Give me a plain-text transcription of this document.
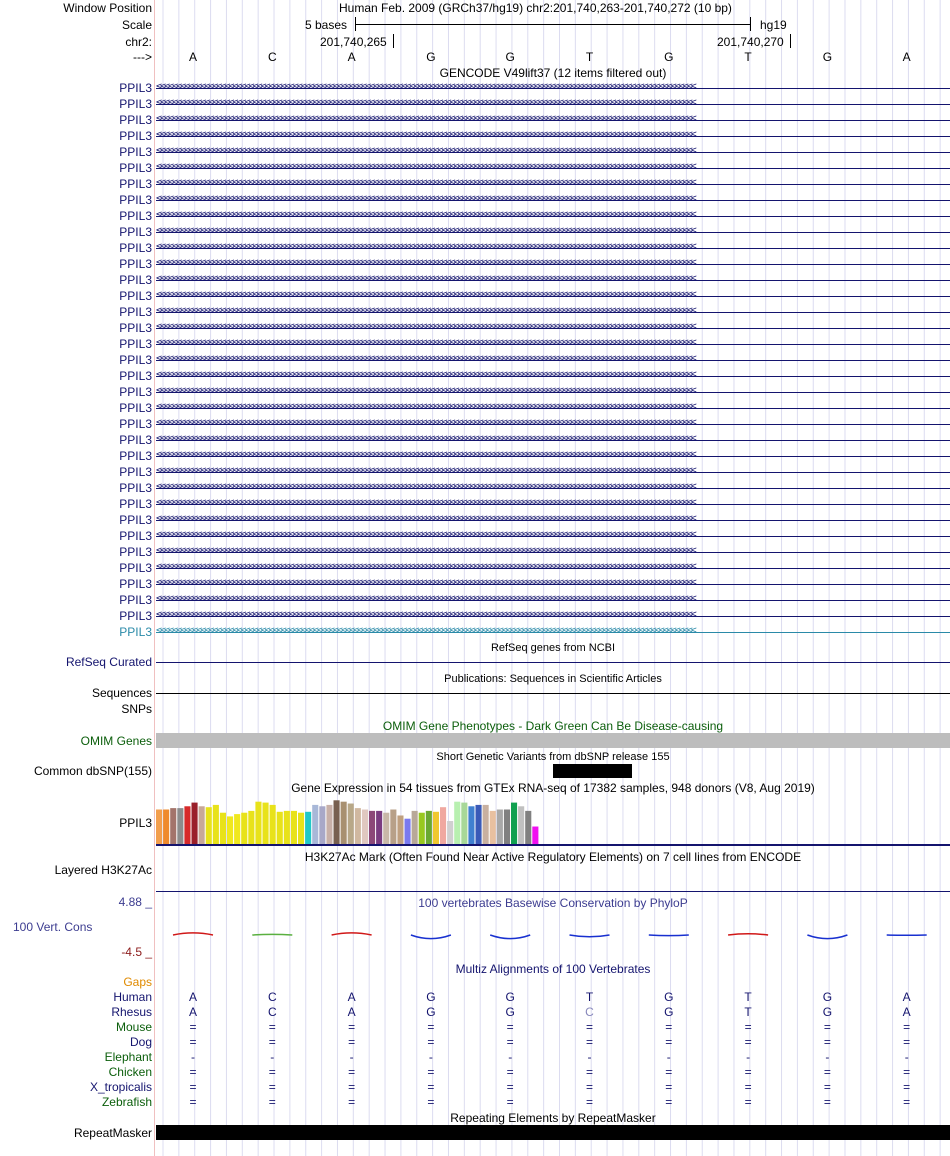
Window Position	Human Feb. 2009 (GRCh37/hg19) chr2:201,740,263-201,740,272 (10 bp)
Scale	5 bases	hg19
chr2:	201,740,265	201,740,270
--->	A	C	A	G	G	T	G	T	G	A
GENCODE V49lift37 (12 items filtered out)
PPIL3 <<<<<<<<<<<<<<<<<<<<<<<<<<<<<<<<<<<<<<<<<<<<<<<<<<<<<<<<<<<<<<<<<<<<<<<<<<<<<<<<<<<<<<<<<<<<<<<<<<<<<<<<<<<<<<<<<<<<<<<<<<<<<<<<<<<<<<
PPIL3 <<<<<<<<<<<<<<<<<<<<<<<<<<<<<<<<<<<<<<<<<<<<<<<<<<<<<<<<<<<<<<<<<<<<<<<<<<<<<<<<<<<<<<<<<<<<<<<<<<<<<<<<<<<<<<<<<<<<<<<<<<<<<<<<<<<<<<
PPIL3 <<<<<<<<<<<<<<<<<<<<<<<<<<<<<<<<<<<<<<<<<<<<<<<<<<<<<<<<<<<<<<<<<<<<<<<<<<<<<<<<<<<<<<<<<<<<<<<<<<<<<<<<<<<<<<<<<<<<<<<<<<<<<<<<<<<<<<
PPIL3 <<<<<<<<<<<<<<<<<<<<<<<<<<<<<<<<<<<<<<<<<<<<<<<<<<<<<<<<<<<<<<<<<<<<<<<<<<<<<<<<<<<<<<<<<<<<<<<<<<<<<<<<<<<<<<<<<<<<<<<<<<<<<<<<<<<<<<
PPIL3 <<<<<<<<<<<<<<<<<<<<<<<<<<<<<<<<<<<<<<<<<<<<<<<<<<<<<<<<<<<<<<<<<<<<<<<<<<<<<<<<<<<<<<<<<<<<<<<<<<<<<<<<<<<<<<<<<<<<<<<<<<<<<<<<<<<<<<
PPIL3 <<<<<<<<<<<<<<<<<<<<<<<<<<<<<<<<<<<<<<<<<<<<<<<<<<<<<<<<<<<<<<<<<<<<<<<<<<<<<<<<<<<<<<<<<<<<<<<<<<<<<<<<<<<<<<<<<<<<<<<<<<<<<<<<<<<<<<
PPIL3 <<<<<<<<<<<<<<<<<<<<<<<<<<<<<<<<<<<<<<<<<<<<<<<<<<<<<<<<<<<<<<<<<<<<<<<<<<<<<<<<<<<<<<<<<<<<<<<<<<<<<<<<<<<<<<<<<<<<<<<<<<<<<<<<<<<<<<
PPIL3 <<<<<<<<<<<<<<<<<<<<<<<<<<<<<<<<<<<<<<<<<<<<<<<<<<<<<<<<<<<<<<<<<<<<<<<<<<<<<<<<<<<<<<<<<<<<<<<<<<<<<<<<<<<<<<<<<<<<<<<<<<<<<<<<<<<<<<
PPIL3 <<<<<<<<<<<<<<<<<<<<<<<<<<<<<<<<<<<<<<<<<<<<<<<<<<<<<<<<<<<<<<<<<<<<<<<<<<<<<<<<<<<<<<<<<<<<<<<<<<<<<<<<<<<<<<<<<<<<<<<<<<<<<<<<<<<<<<
PPIL3 <<<<<<<<<<<<<<<<<<<<<<<<<<<<<<<<<<<<<<<<<<<<<<<<<<<<<<<<<<<<<<<<<<<<<<<<<<<<<<<<<<<<<<<<<<<<<<<<<<<<<<<<<<<<<<<<<<<<<<<<<<<<<<<<<<<<<<
PPIL3 <<<<<<<<<<<<<<<<<<<<<<<<<<<<<<<<<<<<<<<<<<<<<<<<<<<<<<<<<<<<<<<<<<<<<<<<<<<<<<<<<<<<<<<<<<<<<<<<<<<<<<<<<<<<<<<<<<<<<<<<<<<<<<<<<<<<<<
PPIL3 <<<<<<<<<<<<<<<<<<<<<<<<<<<<<<<<<<<<<<<<<<<<<<<<<<<<<<<<<<<<<<<<<<<<<<<<<<<<<<<<<<<<<<<<<<<<<<<<<<<<<<<<<<<<<<<<<<<<<<<<<<<<<<<<<<<<<<
PPIL3 <<<<<<<<<<<<<<<<<<<<<<<<<<<<<<<<<<<<<<<<<<<<<<<<<<<<<<<<<<<<<<<<<<<<<<<<<<<<<<<<<<<<<<<<<<<<<<<<<<<<<<<<<<<<<<<<<<<<<<<<<<<<<<<<<<<<<<
PPIL3 <<<<<<<<<<<<<<<<<<<<<<<<<<<<<<<<<<<<<<<<<<<<<<<<<<<<<<<<<<<<<<<<<<<<<<<<<<<<<<<<<<<<<<<<<<<<<<<<<<<<<<<<<<<<<<<<<<<<<<<<<<<<<<<<<<<<<<
PPIL3 <<<<<<<<<<<<<<<<<<<<<<<<<<<<<<<<<<<<<<<<<<<<<<<<<<<<<<<<<<<<<<<<<<<<<<<<<<<<<<<<<<<<<<<<<<<<<<<<<<<<<<<<<<<<<<<<<<<<<<<<<<<<<<<<<<<<<<
PPIL3 <<<<<<<<<<<<<<<<<<<<<<<<<<<<<<<<<<<<<<<<<<<<<<<<<<<<<<<<<<<<<<<<<<<<<<<<<<<<<<<<<<<<<<<<<<<<<<<<<<<<<<<<<<<<<<<<<<<<<<<<<<<<<<<<<<<<<<
PPIL3 <<<<<<<<<<<<<<<<<<<<<<<<<<<<<<<<<<<<<<<<<<<<<<<<<<<<<<<<<<<<<<<<<<<<<<<<<<<<<<<<<<<<<<<<<<<<<<<<<<<<<<<<<<<<<<<<<<<<<<<<<<<<<<<<<<<<<<
PPIL3 <<<<<<<<<<<<<<<<<<<<<<<<<<<<<<<<<<<<<<<<<<<<<<<<<<<<<<<<<<<<<<<<<<<<<<<<<<<<<<<<<<<<<<<<<<<<<<<<<<<<<<<<<<<<<<<<<<<<<<<<<<<<<<<<<<<<<<
PPIL3 <<<<<<<<<<<<<<<<<<<<<<<<<<<<<<<<<<<<<<<<<<<<<<<<<<<<<<<<<<<<<<<<<<<<<<<<<<<<<<<<<<<<<<<<<<<<<<<<<<<<<<<<<<<<<<<<<<<<<<<<<<<<<<<<<<<<<<
PPIL3 <<<<<<<<<<<<<<<<<<<<<<<<<<<<<<<<<<<<<<<<<<<<<<<<<<<<<<<<<<<<<<<<<<<<<<<<<<<<<<<<<<<<<<<<<<<<<<<<<<<<<<<<<<<<<<<<<<<<<<<<<<<<<<<<<<<<<<
PPIL3 <<<<<<<<<<<<<<<<<<<<<<<<<<<<<<<<<<<<<<<<<<<<<<<<<<<<<<<<<<<<<<<<<<<<<<<<<<<<<<<<<<<<<<<<<<<<<<<<<<<<<<<<<<<<<<<<<<<<<<<<<<<<<<<<<<<<<<
PPIL3 <<<<<<<<<<<<<<<<<<<<<<<<<<<<<<<<<<<<<<<<<<<<<<<<<<<<<<<<<<<<<<<<<<<<<<<<<<<<<<<<<<<<<<<<<<<<<<<<<<<<<<<<<<<<<<<<<<<<<<<<<<<<<<<<<<<<<<
PPIL3 <<<<<<<<<<<<<<<<<<<<<<<<<<<<<<<<<<<<<<<<<<<<<<<<<<<<<<<<<<<<<<<<<<<<<<<<<<<<<<<<<<<<<<<<<<<<<<<<<<<<<<<<<<<<<<<<<<<<<<<<<<<<<<<<<<<<<<
PPIL3 <<<<<<<<<<<<<<<<<<<<<<<<<<<<<<<<<<<<<<<<<<<<<<<<<<<<<<<<<<<<<<<<<<<<<<<<<<<<<<<<<<<<<<<<<<<<<<<<<<<<<<<<<<<<<<<<<<<<<<<<<<<<<<<<<<<<<<
PPIL3 <<<<<<<<<<<<<<<<<<<<<<<<<<<<<<<<<<<<<<<<<<<<<<<<<<<<<<<<<<<<<<<<<<<<<<<<<<<<<<<<<<<<<<<<<<<<<<<<<<<<<<<<<<<<<<<<<<<<<<<<<<<<<<<<<<<<<<
PPIL3 <<<<<<<<<<<<<<<<<<<<<<<<<<<<<<<<<<<<<<<<<<<<<<<<<<<<<<<<<<<<<<<<<<<<<<<<<<<<<<<<<<<<<<<<<<<<<<<<<<<<<<<<<<<<<<<<<<<<<<<<<<<<<<<<<<<<<<
PPIL3 <<<<<<<<<<<<<<<<<<<<<<<<<<<<<<<<<<<<<<<<<<<<<<<<<<<<<<<<<<<<<<<<<<<<<<<<<<<<<<<<<<<<<<<<<<<<<<<<<<<<<<<<<<<<<<<<<<<<<<<<<<<<<<<<<<<<<<
PPIL3 <<<<<<<<<<<<<<<<<<<<<<<<<<<<<<<<<<<<<<<<<<<<<<<<<<<<<<<<<<<<<<<<<<<<<<<<<<<<<<<<<<<<<<<<<<<<<<<<<<<<<<<<<<<<<<<<<<<<<<<<<<<<<<<<<<<<<<
PPIL3 <<<<<<<<<<<<<<<<<<<<<<<<<<<<<<<<<<<<<<<<<<<<<<<<<<<<<<<<<<<<<<<<<<<<<<<<<<<<<<<<<<<<<<<<<<<<<<<<<<<<<<<<<<<<<<<<<<<<<<<<<<<<<<<<<<<<<<
PPIL3 <<<<<<<<<<<<<<<<<<<<<<<<<<<<<<<<<<<<<<<<<<<<<<<<<<<<<<<<<<<<<<<<<<<<<<<<<<<<<<<<<<<<<<<<<<<<<<<<<<<<<<<<<<<<<<<<<<<<<<<<<<<<<<<<<<<<<<
PPIL3 <<<<<<<<<<<<<<<<<<<<<<<<<<<<<<<<<<<<<<<<<<<<<<<<<<<<<<<<<<<<<<<<<<<<<<<<<<<<<<<<<<<<<<<<<<<<<<<<<<<<<<<<<<<<<<<<<<<<<<<<<<<<<<<<<<<<<<
PPIL3 <<<<<<<<<<<<<<<<<<<<<<<<<<<<<<<<<<<<<<<<<<<<<<<<<<<<<<<<<<<<<<<<<<<<<<<<<<<<<<<<<<<<<<<<<<<<<<<<<<<<<<<<<<<<<<<<<<<<<<<<<<<<<<<<<<<<<<
PPIL3 <<<<<<<<<<<<<<<<<<<<<<<<<<<<<<<<<<<<<<<<<<<<<<<<<<<<<<<<<<<<<<<<<<<<<<<<<<<<<<<<<<<<<<<<<<<<<<<<<<<<<<<<<<<<<<<<<<<<<<<<<<<<<<<<<<<<<<
PPIL3 <<<<<<<<<<<<<<<<<<<<<<<<<<<<<<<<<<<<<<<<<<<<<<<<<<<<<<<<<<<<<<<<<<<<<<<<<<<<<<<<<<<<<<<<<<<<<<<<<<<<<<<<<<<<<<<<<<<<<<<<<<<<<<<<<<<<<<
PPIL3 <<<<<<<<<<<<<<<<<<<<<<<<<<<<<<<<<<<<<<<<<<<<<<<<<<<<<<<<<<<<<<<<<<<<<<<<<<<<<<<<<<<<<<<<<<<<<<<<<<<<<<<<<<<<<<<<<<<<<<<<<<<<<<<<<<<<<<
RefSeq genes from NCBI
RefSeq Curated
Publications: Sequences in Scientific Articles
Sequences
SNPs
OMIM Gene Phenotypes - Dark Green Can Be Disease-causing
OMIM Genes
Short Genetic Variants from dbSNP release 155
Common dbSNP(155)
Gene Expression in 54 tissues from GTEx RNA-seq of 17382 samples, 948 donors (V8, Aug 2019)
PPIL3
H3K27Ac Mark (Often Found Near Active Regulatory Elements) on 7 cell lines from ENCODE
Layered H3K27Ac
100 vertebrates Basewise Conservation by PhyloP
4.88 _
100 Vert. Cons
-4.5 _
Multiz Alignments of 100 Vertebrates
Gaps
Human	A	C	A	G	G	T	G	T	G	A
Rhesus	A	C	A	G	G	C	G	T	G	A
Mouse	=	=	=	=	=	=	=	=	=	=
Dog	=	=	=	=	=	=	=	=	=	=
Elephant	-	-	-	-	-	-	-	-	-	-
Chicken	=	=	=	=	=	=	=	=	=	=
X_tropicalis	=	=	=	=	=	=	=	=	=	=
Zebrafish	=	=	=	=	=	=	=	=	=	=
Repeating Elements by RepeatMasker
RepeatMasker
